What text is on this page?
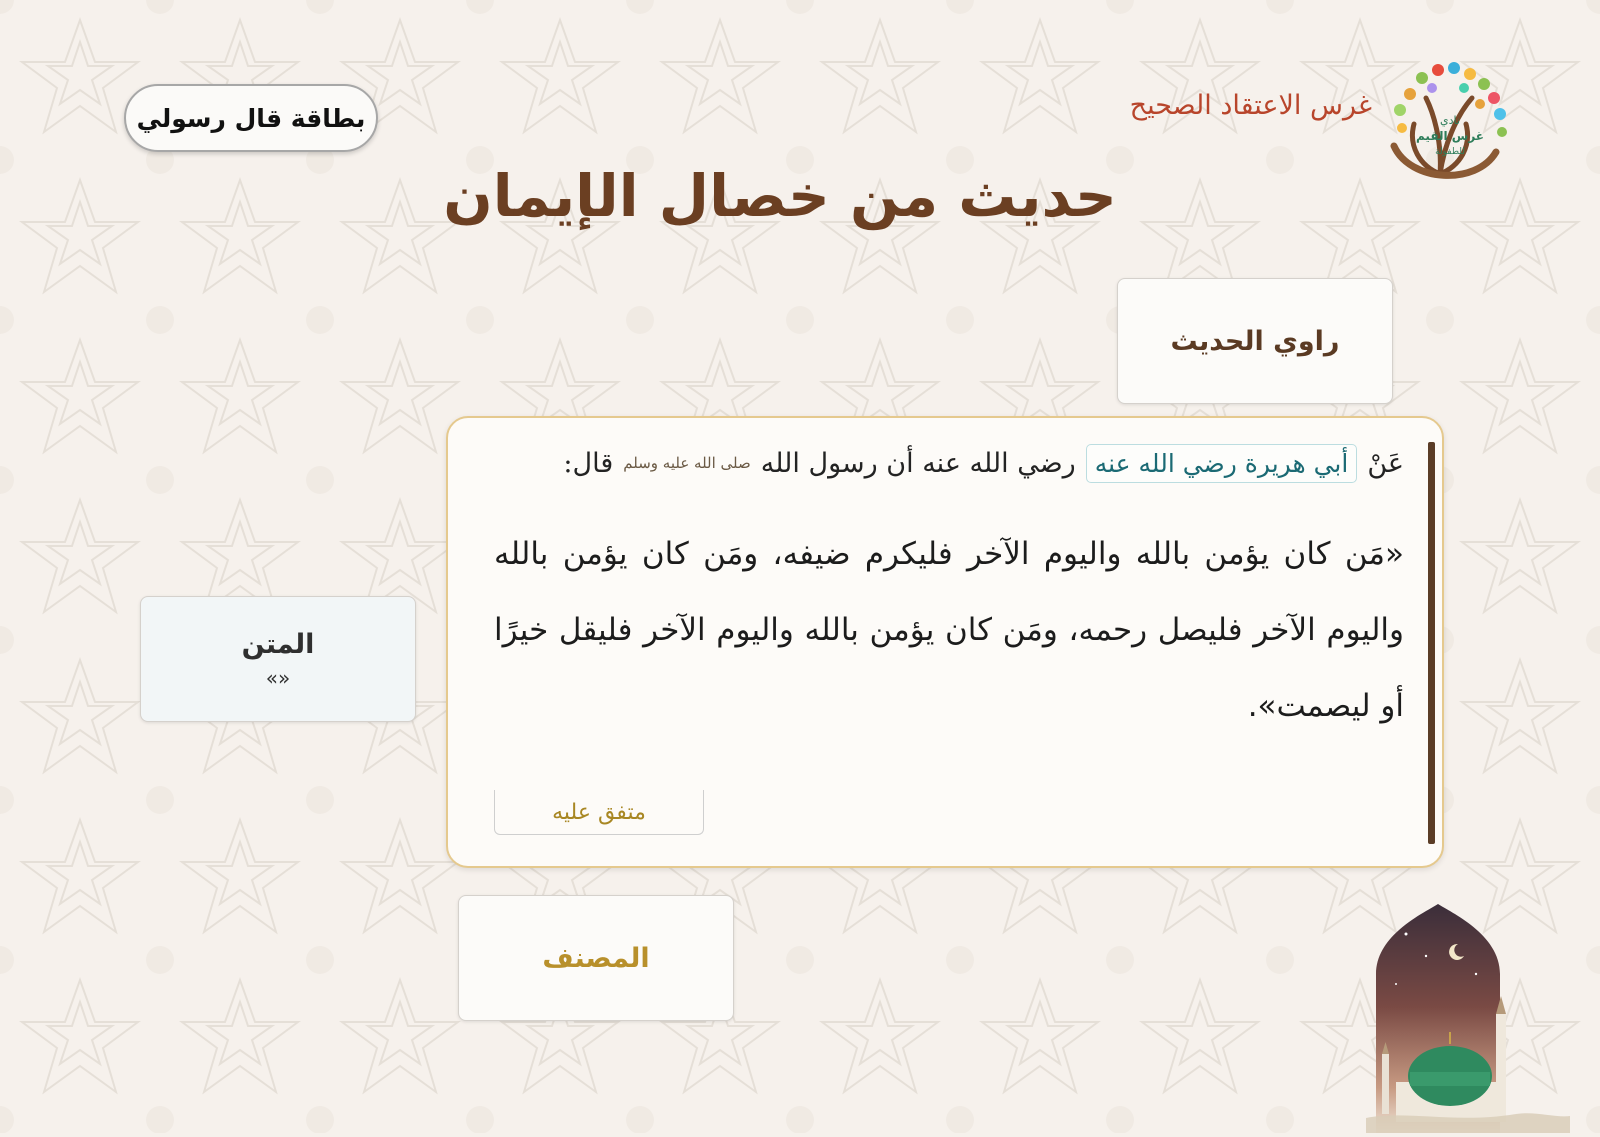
بطاقة قال رسولي	نادي
غرس القيم
للطفولة
غرس الاعتقاد الصحيح
حديث من خصال الإيمان
راوي الحديث
المتن
«»
المصنف
عَنْ
أبي هريرة رضي الله عنه
رضي الله عنه أن رسول الله
صلى الله عليه وسلم
قال:
«مَن كان يؤمن بالله واليوم الآخر فليكرم ضيفه، ومَن كان يؤمن بالله واليوم الآخر فليصل رحمه، ومَن كان يؤمن بالله واليوم الآخر فليقل خيرًا أو ليصمت».
متفق عليه
